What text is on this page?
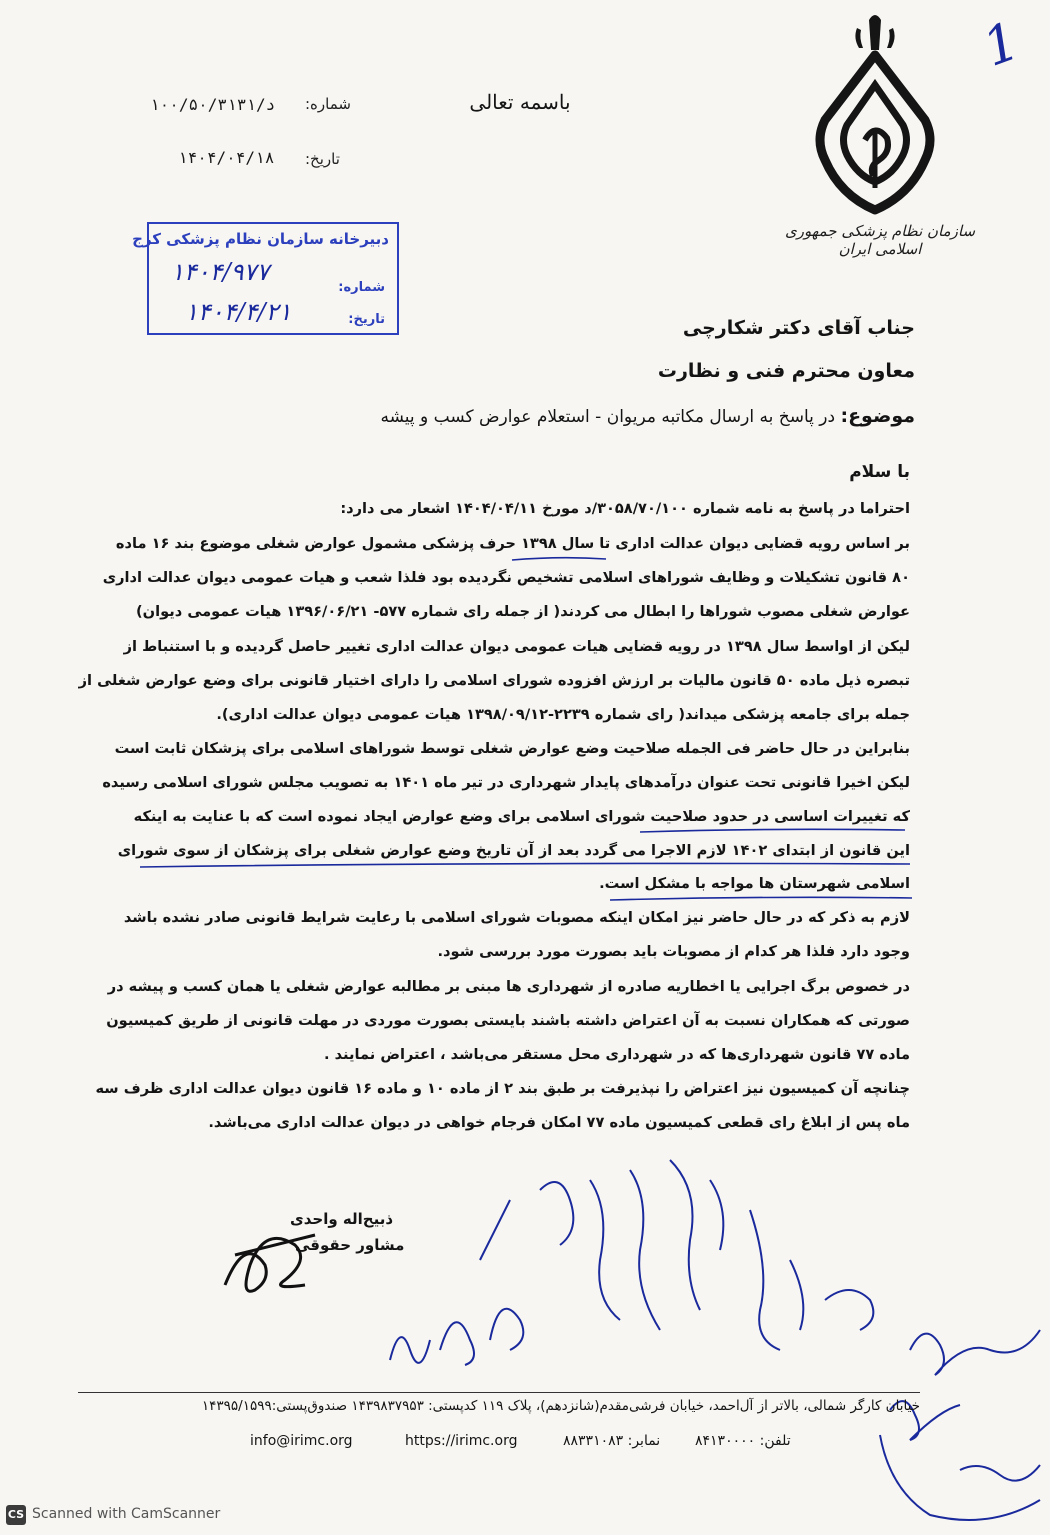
سازمان نظام پزشکی جمهوری اسلامی ایران
1
باسمه تعالی
شماره:
د/۱۰۰/۵۰/۳۱۳۱
تاریخ:
۱۴۰۴/۰۴/۱۸
دبیرخانه سازمان نظام پزشکی کرج
شماره:
تاریخ:
۱۴۰۴/۹۷۷
۱۴۰۴/۴/۲۱
جناب آقای دکتر شکارچی
معاون محترم فنی و نظارت
موضوع: در پاسخ به ارسال مکاتبه مریوان - استعلام عوارض کسب و پیشه
با سلام
احتراما در پاسخ به نامه شماره ۳۰۵۸/۷۰/۱۰۰/د مورخ ۱۴۰۴/۰۴/۱۱ اشعار می دارد:
بر اساس رویه قضایی دیوان عدالت اداری تا سال ۱۳۹۸ حرف پزشکی مشمول عوارض شغلی موضوع بند ۱۶ ماده
۸۰ قانون تشکیلات و وظایف شوراهای اسلامی تشخیص نگردیده بود فلذا شعب و هیات عمومی دیوان عدالت اداری
عوارض شغلی مصوب شوراها را ابطال می کردند( از جمله رای شماره ۵۷۷- ۱۳۹۶/۰۶/۲۱ هیات عمومی دیوان)
لیکن از اواسط سال ۱۳۹۸ در رویه قضایی هیات عمومی دیوان عدالت اداری تغییر حاصل گردیده و با استنباط از
تبصره ذیل ماده ۵۰ قانون مالیات بر ارزش افزوده شورای اسلامی را دارای اختیار قانونی برای وضع عوارض شغلی از
جمله برای جامعه پزشکی میداند( رای شماره ۲۲۳۹-۱۳۹۸/۰۹/۱۲ هیات عمومی دیوان عدالت اداری).
بنابراین در حال حاضر فی الجمله صلاحیت وضع عوارض شغلی توسط شوراهای اسلامی برای پزشکان ثابت است
لیکن اخیرا قانونی تحت عنوان درآمدهای پایدار شهرداری در تیر ماه ۱۴۰۱ به تصویب مجلس شورای اسلامی رسیده
که تغییرات اساسی در حدود صلاحیت شورای اسلامی برای وضع عوارض ایجاد نموده است که با عنایت به اینکه
این قانون از ابتدای ۱۴۰۲ لازم الاجرا می گردد بعد از آن تاریخ وضع عوارض شغلی برای پزشکان از سوی شورای
اسلامی شهرستان ها مواجه با مشکل است.
لازم به ذکر که در حال حاضر نیز امکان اینکه مصوبات شورای اسلامی با رعایت شرایط قانونی صادر نشده باشد
وجود دارد فلذا هر کدام از مصوبات باید بصورت مورد بررسی شود.
در خصوص برگ اجرایی یا اخطاریه صادره از شهرداری ها مبنی بر مطالبه عوارض شغلی یا همان کسب و پیشه در
صورتی که همکاران نسبت به آن اعتراض داشته باشند بایستی بصورت موردی در مهلت قانونی از طریق کمیسیون
ماده ۷۷ قانون شهرداری‌ها که در شهرداری محل مستقر می‌باشد ، اعتراض نمایند .
چنانچه آن کمیسیون نیز اعتراض را نپذیرفت بر طبق بند ۲ از ماده ۱۰ و ماده ۱۶ قانون دیوان عدالت اداری ظرف سه
ماه پس از ابلاغ رای قطعی کمیسیون ماده ۷۷ امکان فرجام خواهی در دیوان عدالت اداری می‌باشد.
ذبیح‌اله واحدی
مشاور حقوقی
خیابان کارگر شمالی، بالاتر از آل‌احمد، خیابان فرشی‌مقدم(شانزدهم)، پلاک ۱۱۹ کدپستی: ۱۴۳۹۸۳۷۹۵۳ صندوق‌پستی:۱۴۳۹۵/۱۵۹۹
info@irimc.org	https://irimc.org	نمابر: ۸۸۳۳۱۰۸۳ تلفن: ۸۴۱۳۰۰۰۰
CS Scanned with CamScanner
